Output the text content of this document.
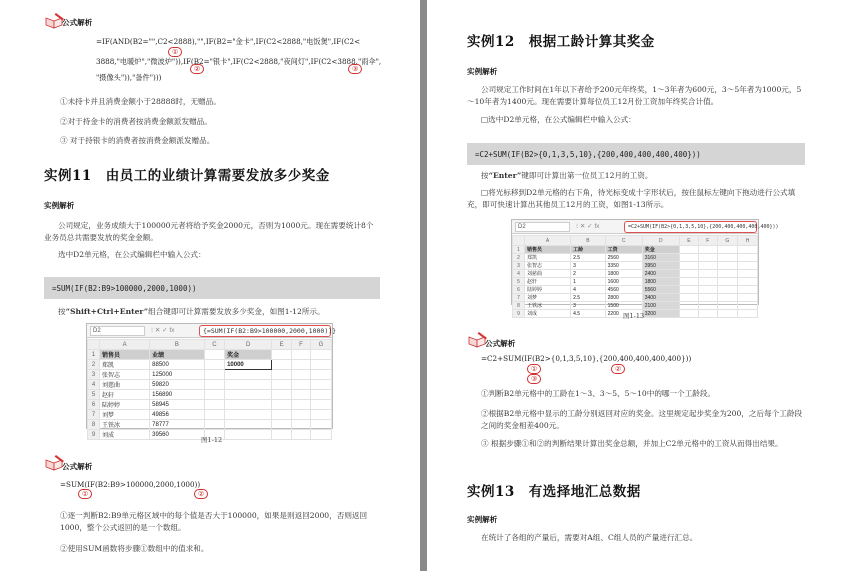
公式解析
=IF(AND(B2="",C2<2888),"",IF(B2="金卡",IF(C2<2888,"电饭煲",IF(C2<
3888,"电暖炉","微波炉")),IF(B2="银卡",IF(C2<2888,"夜间灯",IF(C2<3888,"雨伞",
"摄像头")),"备件")))
①
②	③
①未持卡并且消费金额小于28888时，无赠品。
②对于持金卡的消费者按消费金额派发赠品。
③ 对于持银卡的消费者按消费金额派发赠品。
实例11　由员工的业绩计算需要发放多少奖金
实例解析
公司规定，业务成绩大于100000元者将给予奖金2000元，否则为1000元。现在需要统计8个业务员总共需要发放的奖金金额。
选中D2单元格，在公式编辑栏中输入公式：
=SUM(IF(B2:B9>100000,2000,1000))
按“Shift+Ctrl+Enter”组合键即可计算需要发放多少奖金，如图1-12所示。
D2	⁝ ✕ ✓ fx	{=SUM(IF(B2:B9>100000,2000,1000))}
	A	B	C	D	E	F	G
1	销售员	业绩		奖金			
2	郑凯	88500		10000			
3	张智志	125000					
4	刘慈曲	59820					
5	赵轩	156890					
6	陆婷婷	58945					
7	刘梦	49856					
8	王铁冰	78777					
9	刘成	39560					
图1-12
公式解析
=SUM(IF(B2:B9>100000,2000,1000))
①	②
①逐一判断B2:B9单元格区域中的每个值是否大于100000，如果是则返回2000，否则返回1000，整个公式返回的是一个数组。
②使用SUM函数将步骤①数组中的值求和。
实例12　根据工龄计算其奖金
实例解析
公司规定工作时间在1年以下者给予200元年终奖，1～3年者为600元，3～5年者为1000元，5～10年者为1400元。现在需要计算每位员工12月份工资加年终奖合计值。
□选中D2单元格，在公式编辑栏中输入公式：
=C2+SUM(IF(B2>{0,1,3,5,10},{200,400,400,400,400}))
按“Enter”键即可计算出第一位员工12月的工资。
□将光标移到D2单元格的右下角，待光标变成十字形状后，按住鼠标左键向下拖动进行公式填充，即可快速计算出其他员工12月的工资，如图1-13所示。
D2	⁝ ✕ ✓ fx	=C2+SUM(IF(B2>{0,1,3,5,10},{200,400,400,400,400}))
	A	B	C	D	E	F	G	H
1	销售员	工龄	工资	奖金				
2	郑凯	2.5	2560	3160				
3	张智志	3	3350	3950				
4	刘慈曲	2	1800	2400				
5	赵轩	1	1600	1800				
6	陆婷婷	4	4560	5560				
7	刘梦	2.5	2800	3400				
8	王铁冰	3	1500	2100				
9	刘成	4.5	2200	3200				
图1-13
公式解析
=C2+SUM(IF(B2>{0,1,3,5,10},{200,400,400,400,400}))
①	②
③
①判断B2单元格中的工龄在1～3、3～5、5～10中的哪一个工龄段。
②根据B2单元格中显示的工龄分别返回对应的奖金。这里规定起步奖金为200，之后每个工龄段之间的奖金相差400元。
③ 根据步骤①和②的判断结果计算出奖金总额，并加上C2单元格中的工资从而得出结果。
实例13　有选择地汇总数据
实例解析
在统计了各组的产量后，需要对A组、C组人员的产量进行汇总。
